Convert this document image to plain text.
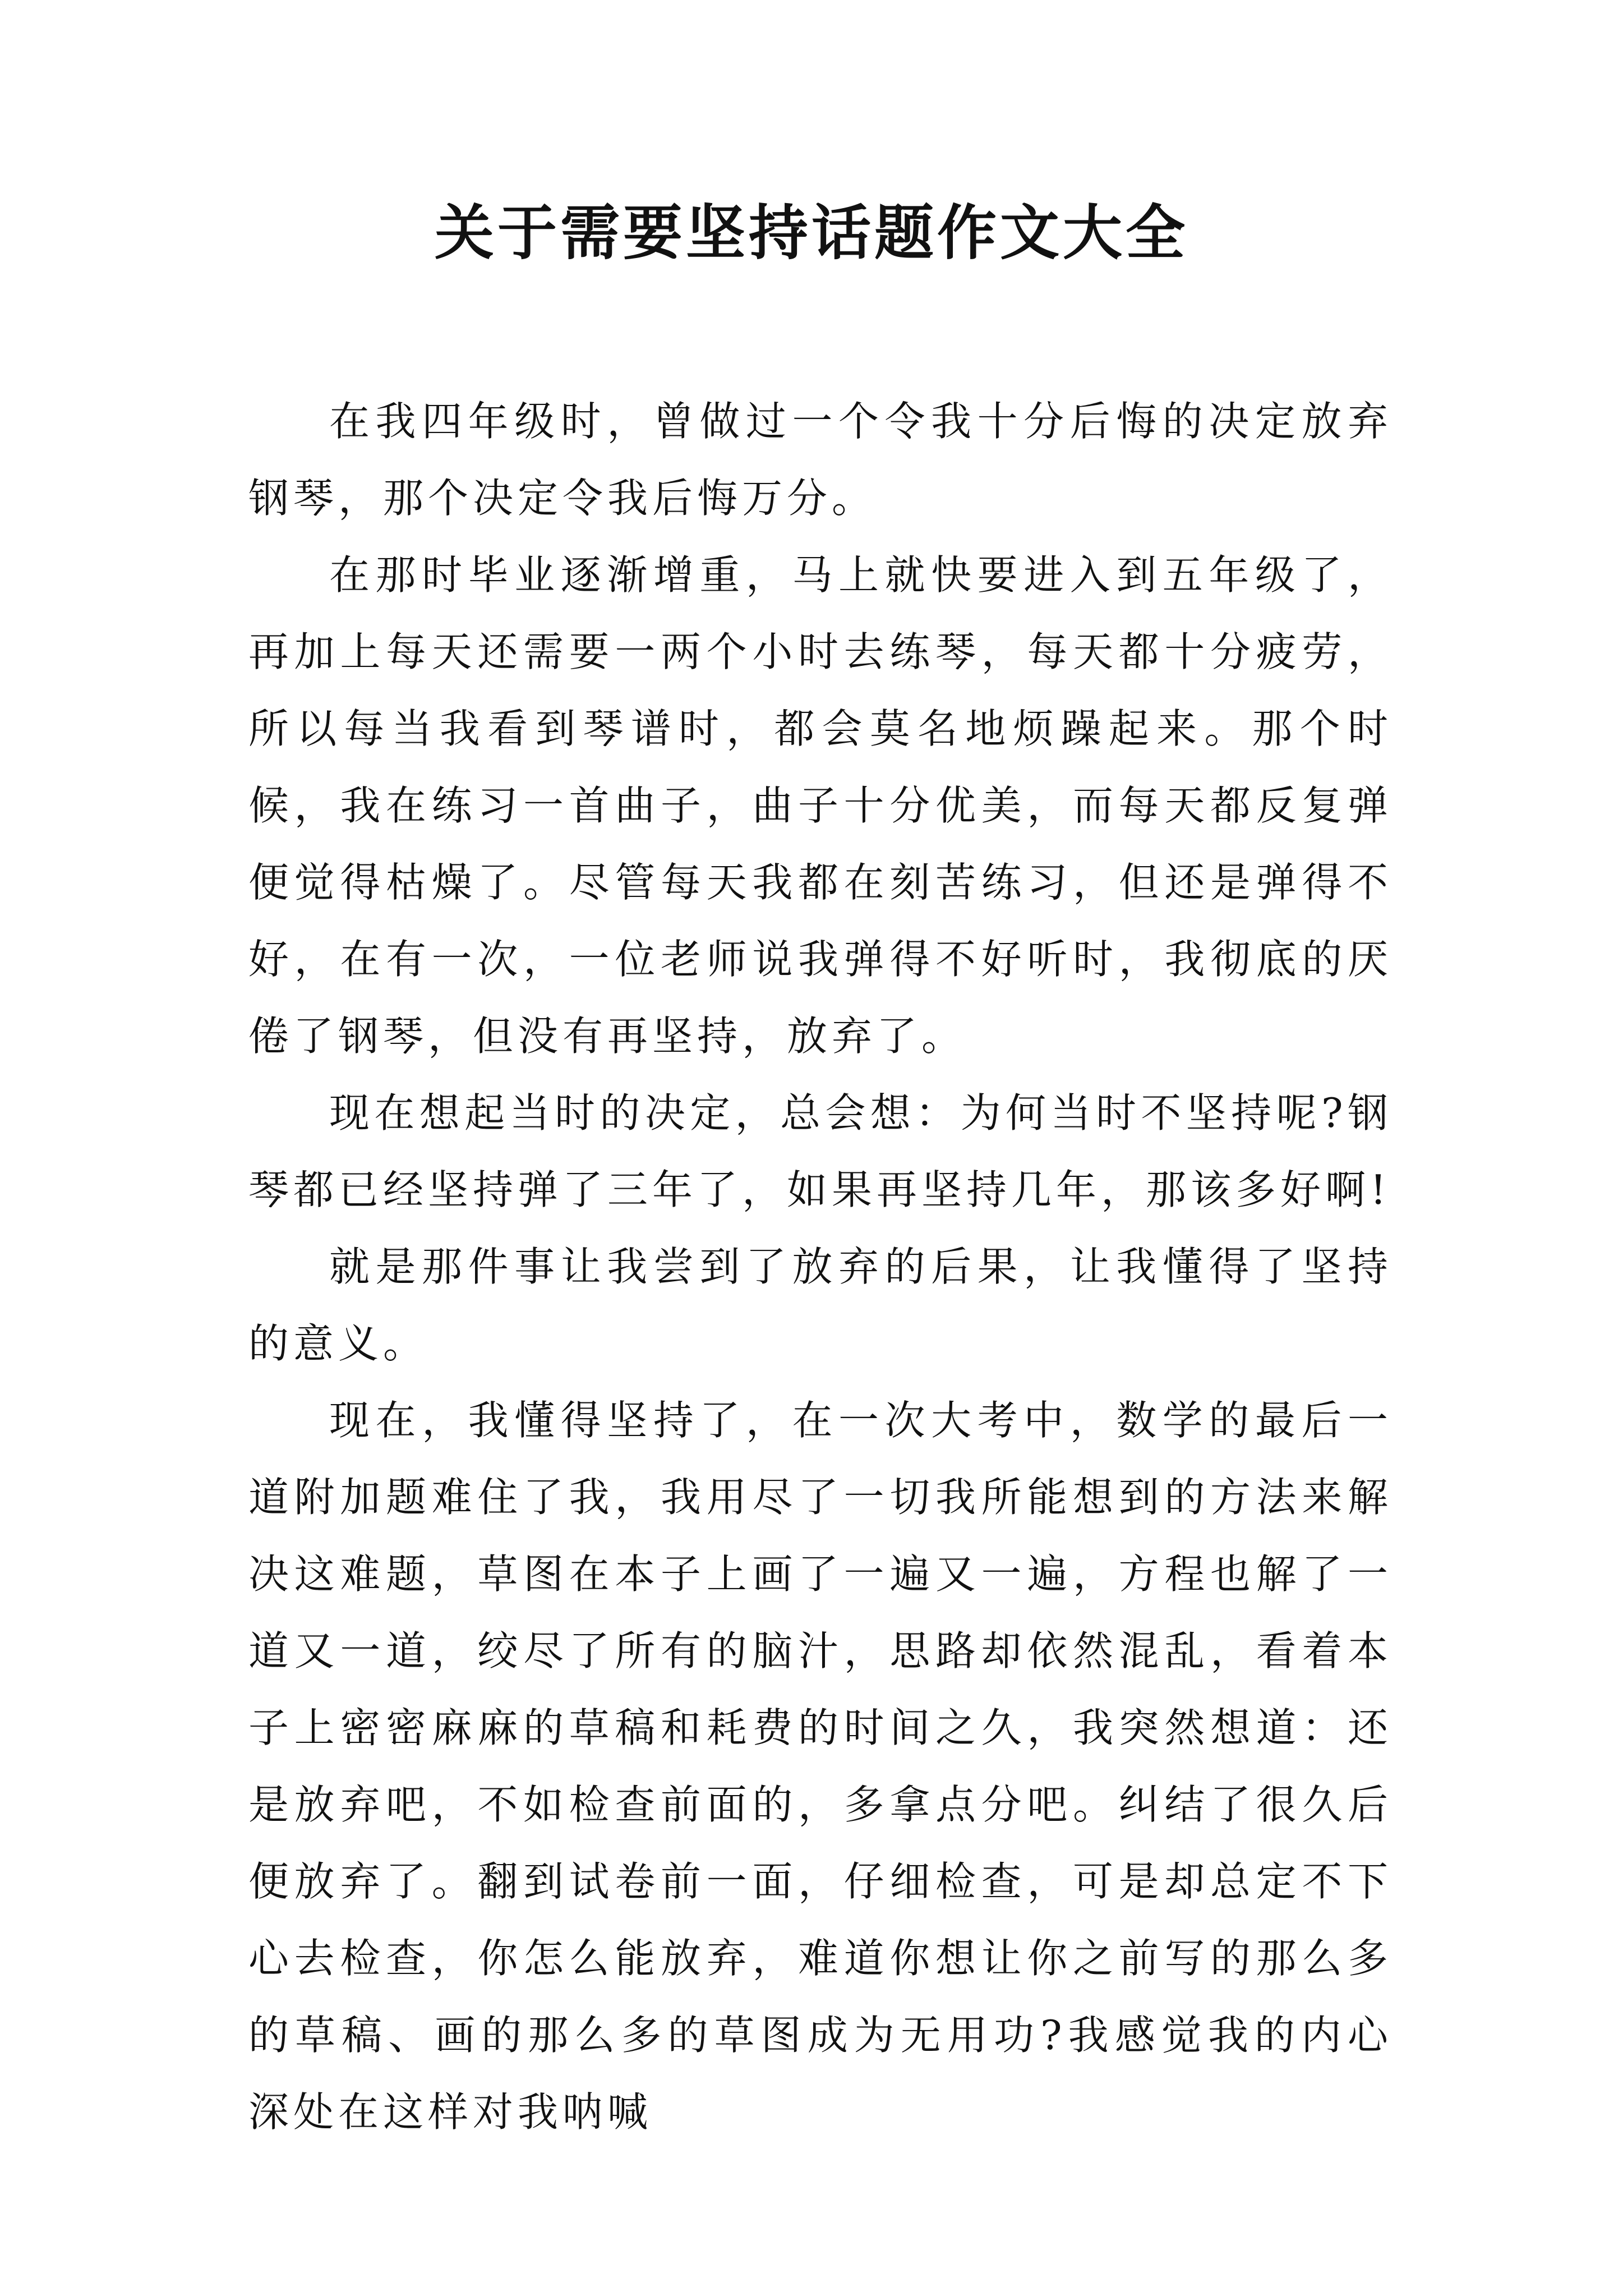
关于需要坚持话题作文大全

在我四年级时，曾做过一个令我十分后悔的决定放弃钢琴，那个决定令我后悔万分。

在那时毕业逐渐增重，马上就快要进入到五年级了，再加上每天还需要一两个小时去练琴，每天都十分疲劳，所以每当我看到琴谱时，都会莫名地烦躁起来。那个时候，我在练习一首曲子，曲子十分优美，而每天都反复弹便觉得枯燥了。尽管每天我都在刻苦练习，但还是弹得不好，在有一次，一位老师说我弹得不好听时，我彻底的厌倦了钢琴，但没有再坚持，放弃了。

现在想起当时的决定，总会想：为何当时不坚持呢?钢琴都已经坚持弹了三年了，如果再坚持几年，那该多好啊!

就是那件事让我尝到了放弃的后果，让我懂得了坚持的意义。

现在，我懂得坚持了，在一次大考中，数学的最后一道附加题难住了我，我用尽了一切我所能想到的方法来解决这难题，草图在本子上画了一遍又一遍，方程也解了一道又一道，绞尽了所有的脑汁，思路却依然混乱，看着本子上密密麻麻的草稿和耗费的时间之久，我突然想道：还是放弃吧，不如检查前面的，多拿点分吧。纠结了很久后便放弃了。翻到试卷前一面，仔细检查，可是却总定不下心去检查，你怎么能放弃，难道你想让你之前写的那么多的草稿、画的那么多的草图成为无用功?我感觉我的内心深处在这样对我呐喊
